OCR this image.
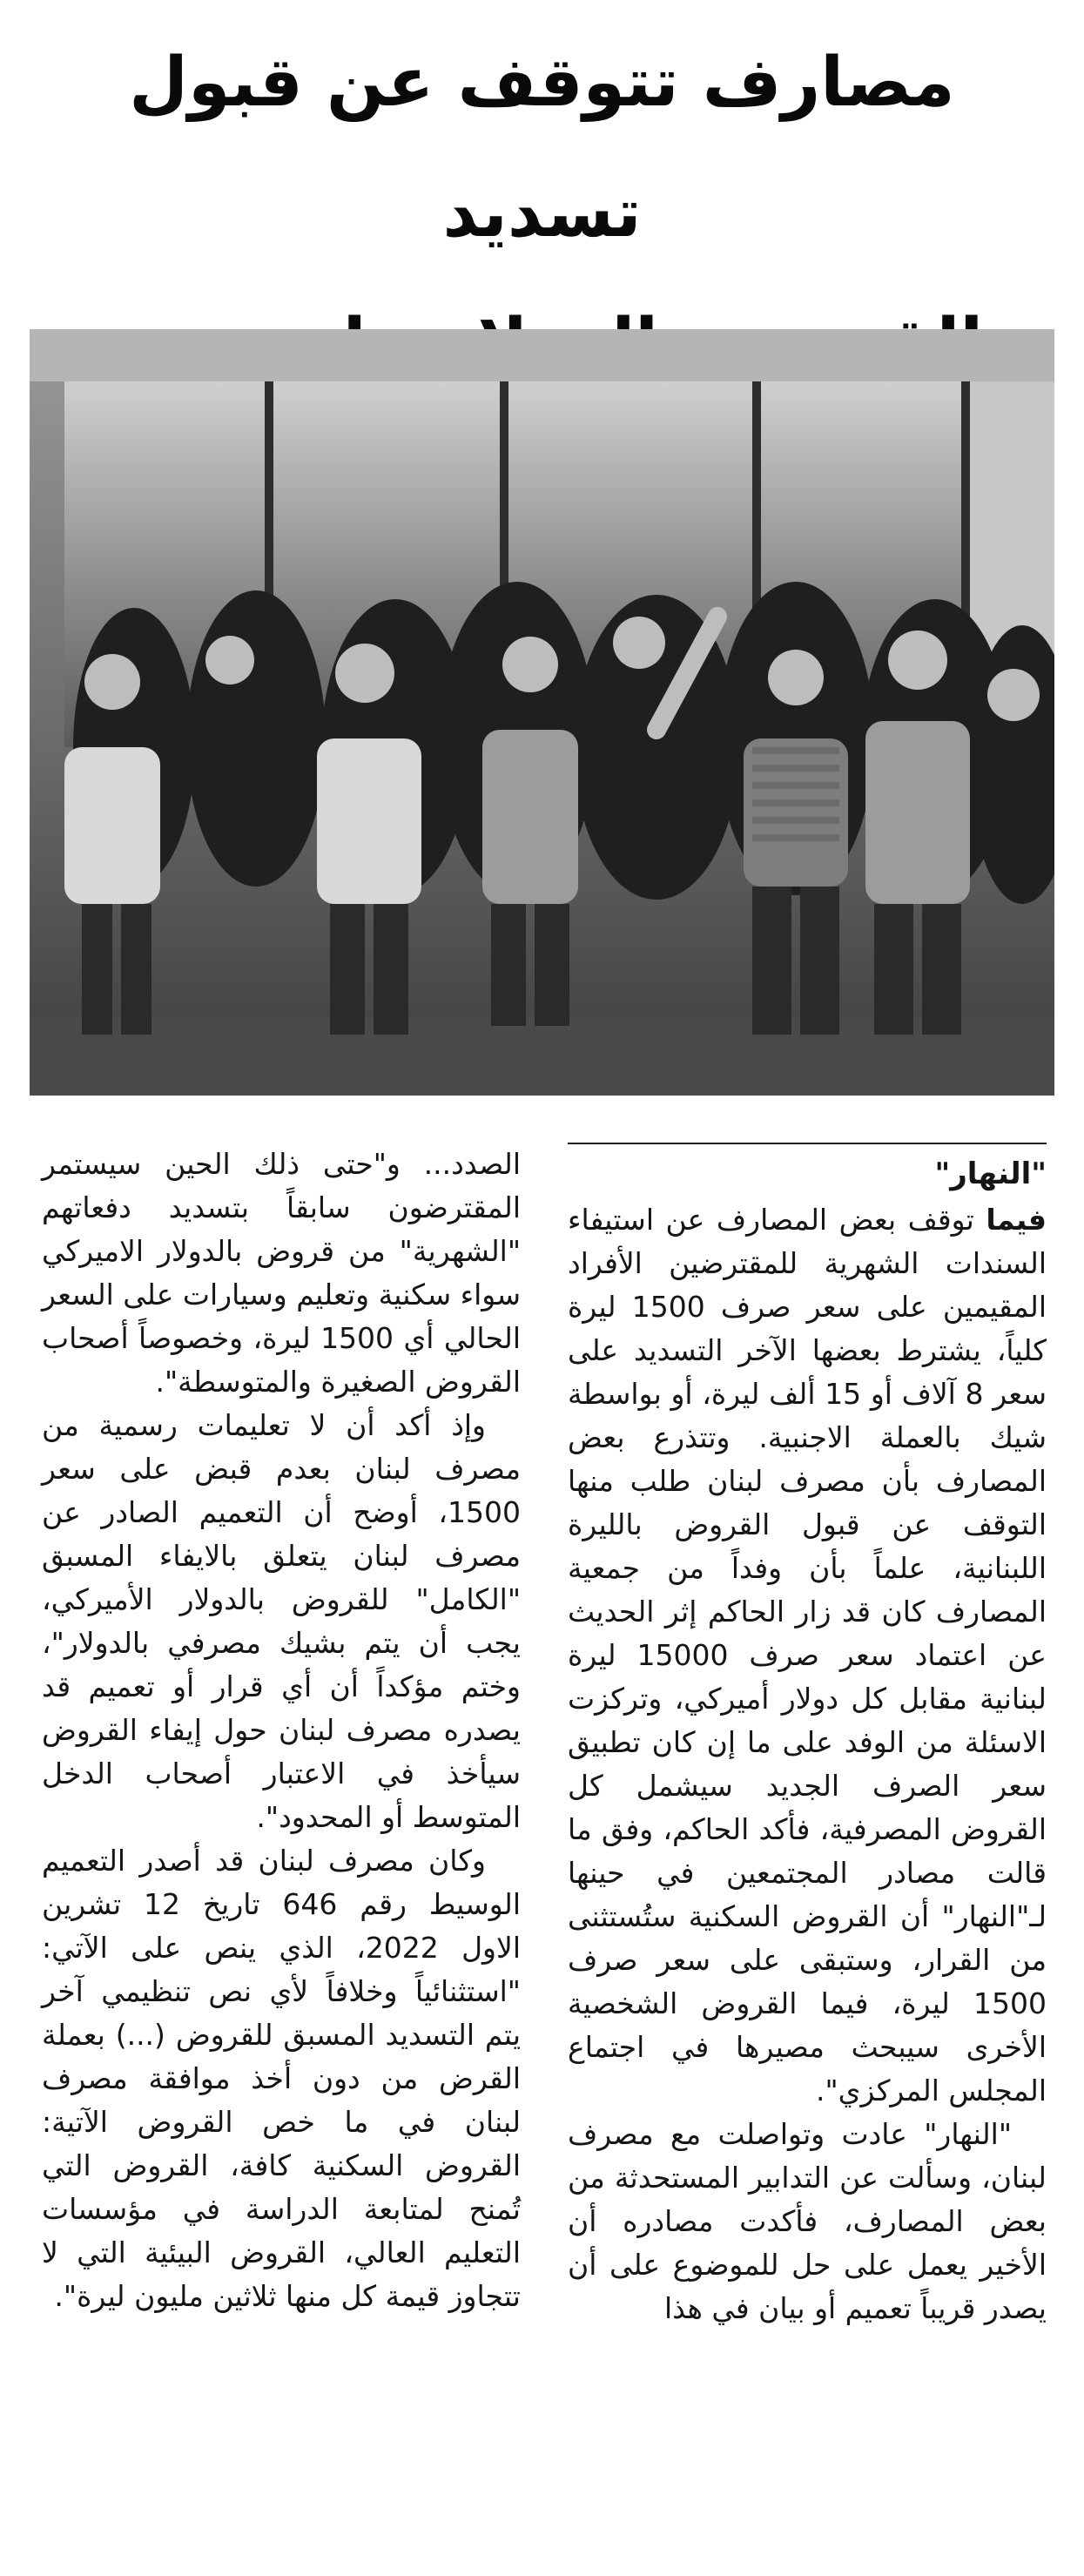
مصارف تتوقف عن قبول تسديد

"النهار"

فيما توقف بعض المصارف عن استيفاء السندات الشهرية للمقترضين الأفراد المقيمين على سعر صرف 1500 ليرة كلياً، يشترط بعضها الآخر التسديد على سعر 8 آلاف أو 15 ألف ليرة، أو بواسطة شيك بالعملة الاجنبية. وتتذرع بعض المصارف بأن مصرف لبنان طلب منها التوقف عن قبول القروض بالليرة اللبنانية، علماً بأن وفداً من جمعية المصارف كان قد زار الحاكم إثر الحديث عن اعتماد سعر صرف 15000 ليرة لبنانية مقابل كل دولار أميركي، وتركزت الاسئلة من الوفد على ما إن كان تطبيق سعر الصرف الجديد سيشمل كل القروض المصرفية، فأكد الحاكم، وفق ما قالت مصادر المجتمعين في حينها لـ"النهار" أن القروض السكنية ستُستثنى من القرار، وستبقى على سعر صرف 1500 ليرة، فيما القروض الشخصية الأخرى سيبحث مصيرها في اجتماع المجلس المركزي".

"النهار" عادت وتواصلت مع مصرف لبنان، وسألت عن التدابير المستحدثة من بعض المصارف، فأكدت مصادره أن الأخير يعمل على حل للموضوع على أن يصدر قريباً تعميم أو بيان في هذا

الصدد... و"حتى ذلك الحين سيستمر المقترضون سابقاً بتسديد دفعاتهم "الشهرية" من قروض بالدولار الاميركي سواء سكنية وتعليم وسيارات على السعر الحالي أي 1500 ليرة، وخصوصاً أصحاب القروض الصغيرة والمتوسطة".

وإذ أكد أن لا تعليمات رسمية من مصرف لبنان بعدم قبض على سعر 1500، أوضح أن التعميم الصادر عن مصرف لبنان يتعلق بالايفاء المسبق "الكامل" للقروض بالدولار الأميركي، يجب أن يتم بشيك مصرفي بالدولار"، وختم مؤكداً أن أي قرار أو تعميم قد يصدره مصرف لبنان حول إيفاء القروض سيأخذ في الاعتبار أصحاب الدخل المتوسط أو المحدود".

وكان مصرف لبنان قد أصدر التعميم الوسيط رقم 646 تاريخ 12 تشرين الاول 2022، الذي ينص على الآتي: "استثنائياً وخلافاً لأي نص تنظيمي آخر يتم التسديد المسبق للقروض (...) بعملة القرض من دون أخذ موافقة مصرف لبنان في ما خص القروض الآتية: القروض السكنية كافة، القروض التي تُمنح لمتابعة الدراسة في مؤسسات التعليم العالي، القروض البيئية التي لا تتجاوز قيمة كل منها ثلاثين مليون ليرة".
